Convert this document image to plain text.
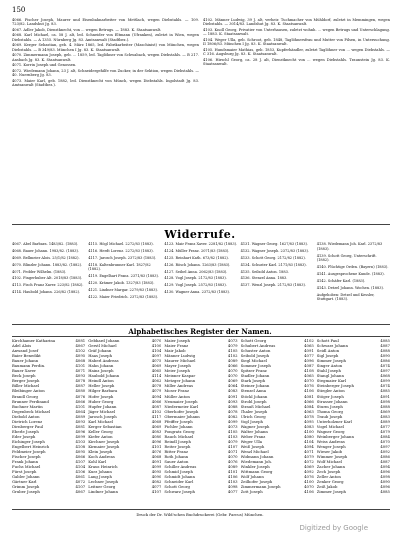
150

4066. Fischer Joseph, Maurer und Eisenbahnarbeiter von Mettlach, wegen Diebstahls. — 109. 723/82. Landshut Jg. 83.

4067. Adler Jakob, Dienstknecht, von ... wegen Betrugs. — 1883. K. Staatsanwalt.

4068. Karl Michael, ca. 58 J. alt, led. Schneider von Eltmann (Ufranken), zuletzt in Wien, wegen Diebstahls. — A 1355. Nürnberg Jg. 83. Amtsanwalt (Stadtbez.).

4069. Kerger Sebastian, geb. 4. März 1865, led. Fabrikarbeiter (Maschinist) von München, wegen Diebstahls. — B 349/83. München I Jg. 83. K. Staatsanwalt.

4070. Zimmermann Joseph, geb. ... 1859, led. Taglöhner von Schwabach, wegen Diebstahls. — B 217. Ansbach Jg. 83. K. Staatsanwalt.

4071. Korrin Joseph und Genossen.

4072. Wiedemann Johann, 23 J. alt, Schneidergehilfe von Zucker, in der Sektion, wegen Diebstahls. — 40. Nuernberg Jg. 83.

4073. Maier Karl, geb. 1882, led. Dienstknecht von Münch, wegen Diebstahls. Ingolstadt Jg. 83. Amtsanwalt (Stadtbez.).

4102. Männer Ludwig, 39 J. alt, verheir. Tuchmacher von Mühldorf, zuletzt in Memmingen, wegen Diebstahls. — 3014/83. Landshut Jg. 83. K. Staatsanwalt.

4103. Knoll Georg, Privatier von Unterhausen, zuletzt wohnh. ... wegen Betrugs und Unterschlagung. — 1883. K. Staatsanwalt.

4104. Weger Ulla, geb. Schroot, geb. 1848, Taglöhnersfrau und Mutter von Pilsen, in Untersuchung. II 1806/83. München I Jg. 83. K. Staatsanwalt.

4105. Hundsmaier Mathias, geb. 1853, Kupferhändler, zuletzt Taglöhner von ... wegen Diebstahls. — C 316. Augsburg Jg. 83. K. Staatsanwalt.

4106. Hirschl Georg, ca. 28 J. alt, Dienstknecht von ... wegen Diebstahls. Traunstein Jg. 83. K. Staatsanwalt.

Widerrufe.
4067. Abel Barbara. 1483/82. (1883).
4068. Bauer Johann. 1983/82. (1883).
4069. Bellmeier Alois. 25/1/82 (1882).
4070. Blinzler Johann. 1883/82. (1882).
4071. Fedder Wilhelm. (1883).
4102. Fingerhuber Alt. 2018/83 (1883).
4113. Fisch Franz Xaver. 223/82 (1882).
4114. Haubold Johann. 226/82 (1882).
4115. Högl Michael. 2272/83 (1883).
4116. Herdt Lorenz. 2272/83 (1883).
4117. Jarosch Joseph. 2372/83 (1883).
4118. Kaltenbrunner Karl. 1827/82 (1882).
4119. Engelhart Franz. 2371/83 (1883).
4120. Krämer Jakob. 1327/83 (1883).
4121. Lindner Margar. 2279/83 (1883).
4122. Maier Friedrich. 2372/83 (1883).
4123. Mair Franz Xaver. 2281/82 (1883).
4124. Müller Franz. 2071/83 (1883).
4125. Reinhart Kath. 673/82 (1882).
4126. Rösch Johann. 1263/83 (1883).
4127. Seibel Anna. 2062/83 (1883).
4128. Vogl Joseph. 2172/83 (1883).
4129. Vogl Joseph. 2572/83 (1883).
4130. Wagner Anna. 2372/83 (1883).
4131. Wagner Georg. 1627/83 (1883).
4132. Wagner Joseph. 2372/83 (1883).
4133. Schott Georg. 2172/82 (1882).
4134. Schuster Karl. 2171/83 (1883).
4135. Seibold Anton. 1883.
4136. Stenzel Anna. 1883.
4137. Wenzl Joseph. 2172/83 (1883).
4138. Wiedemann Joh. Karl. 2372/83 (1883).
4139. Schott Georg, Unterschrift. (1882).
4140. Flüchtige Orden. (Bayern) (1883).
4141. Ausgesprochene Kunde. (1883).
4142. Schäfer Karl. (1883).
4143. Detzel Johann. Wochen. (1883).
Aufgehoben: Detzel und Kessler, Stuttgart. (1883).
Alphabetisches Register der Namen.
Kirchhamer Katharina	4081
Adel Alois	4067
Anwand Josef	4102
Baier Benedikt	4095
Bauer Johann	4068
Baumann Ferdin.	4101
Bauer Xaver	4071
Beck Joseph	4093
Berger Joseph	4078
Biller Michael	4087
Bleibinger Anton	4080
Brandl Georg	4076
Brunner Ferdinand	4066
Buchner Martin	4101
Degenbeck Michael	4064
Diebold Anton	4089
Dietrich Lorenz	4093
Dirnberger Paul	4081
Eberle Joseph	4096
Eder Joseph	4099
Eichinger Joseph	4103
Engelbert Heinrich	4108
Feldmeier Joseph	4095
Fischer Joseph	4066
Frank Johann	4107
Fuchs Michael	4104
Fürst Joseph	4106
Gabler Johann	4061
Gärtner Karl	4072
Grimm Joseph	4107
Gruber Joseph	4067
Gebhard Johann	4070
Gerstl Michael	4100
Gräf Johann	4104
Haas Joseph	4097
Haberl Andreas	4075
Hahn Johann	4069
Hainz Joseph	4065
Haubold Johann	4114
Heindl Anton	4062
Heller Joseph	4078
Hilger Barbara	4079
Hofer Joseph	4094
Huber Georg	4066
Hupfer Johann	4087
Jäger Michael	4102
Jarosch Joseph	4117
Karl Michael	4068
Kerger Sebastian	4069
Keller Georg	4083
Kiefer Anton	4080
Kirchner Joseph	4096
Kirmaier Joseph	4101
Klein Joseph	4076
Koch Andreas	4068
Kohl Karl	4091
Kraus Heinrich	4099
Kurz Johann	4095
Lang Joseph	4090
Lechner Joseph	4082
Leitner Georg	4077
Lindner Johann	4107
Maier Joseph	4073
Maier Franz	4079
Mair Jakob	4105
Männer Ludwig	4102
Maurer Michael	4089
Mayer Joseph	4066
Meier Joseph	4070
Meixner Kaspar	4070
Metzger Johann	4069
Miller Andreas	4064
Moser Franz	4083
Müller Anton	4091
Neumaier Joseph	4093
Niedermeier Karl	4088
Oberhofer Joseph	4078
Obermaier Johann	4082
Pfeiffer Joseph	4099
Pichler Johann	4073
Pongratz Georg	4105
Rauch Michael	4103
Reindl Joseph	4079
Reiter Joseph	4107
Ritter Franz	4071
Roth Johann	4070
Sauer Anton	4076
Schiller Andreas	4089
Schmid Joseph	4101
Schmidt Johann	4106
Schneider Karl	4103
Schott Georg	4098
Schwarz Joseph	4077
Schott Georg	4102
Schubert Andreas	4065
Schuster Anton	4091
Seibold Joseph	4077
Siegl Michael	4096
Sommer Joseph	4087
Spitzer Franz	4108
Stadler Johann	4065
Stark Joseph	4070
Steiner Johann	4076
Stenzel Anna	4106
Stöckl Johann	4081
Strobl Joseph	4066
Strauß Michael	4084
Thaler Joseph	4063
Ulrich Georg	4078
Vogl Joseph	4095
Wagner Joseph	4083
Walter Johann	4100
Weber Franz	4080
Weger Ulla	4104
Weiß Joseph	4094
Wenzl Michael	4071
Widmann Johann	4079
Wiedemann Joh.	4072
Winkler Joseph	4069
Wittmann Georg	4092
Wolf Johann	4076
Zeilhofer Joseph	4100
Zimmermann Joseph	4070
Zott Joseph	4106
Schott Paul	4085
Schwarz Johann	4087
Seidl Anton	4088
Sigl Joseph	4090
Simmer Joseph	4086
Singer Anton	4074
Stahl Joseph	4097
Stangl Johann	4068
Stegmaier Karl	4099
Steinberger Joseph	4074
Stiegler Anton	4085
Stöger Joseph	4091
Strasser Johann	4098
Sturm Joseph	4088
Thoma Georg	4069
Traub Joseph	4083
Unterholzner Karl	4089
Vogel Michael	4077
Wagner Georg	4079
Weinberger Johann	4084
Weiss Andreas	4070
Wenger Joseph	4097
Wieser Jakob	4092
Wimmer Joseph	4086
Wolf Michael	4087
Zacher Johann	4094
Zech Joseph	4096
Zeller Anton	4098
Zenker Georg	4090
Zeiß Jakob	4096
Zimmer Joseph	4085
Druck der Dr. Wild'schen Buchdruckerei (Gebr. Parcus) München.
Digitized by Google
